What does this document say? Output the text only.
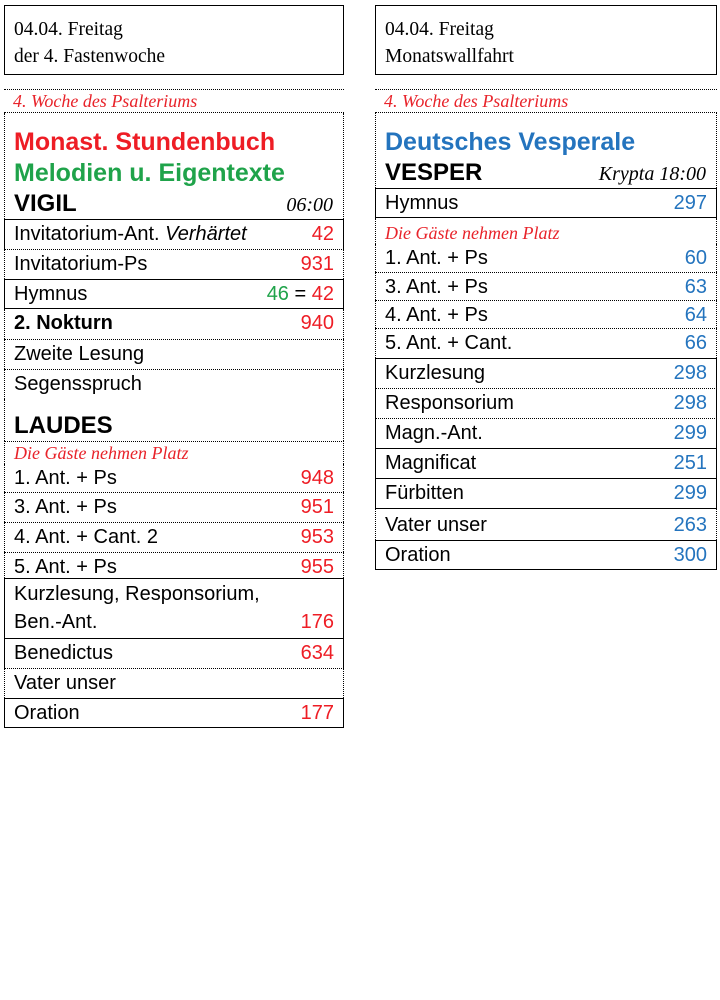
04.04. Freitag
der 4. Fastenwoche
4. Woche des Psalteriums
Monast. Stundenbuch
Melodien u. Eigentexte
VIGIL	06:00
Invitatorium-Ant. Verhärtet	42
Invitatorium-Ps	931
Hymnus	46 = 42
2. Nokturn	940
Zweite Lesung
Segensspruch
LAUDES
Die Gäste nehmen Platz
1. Ant. + Ps	948
3. Ant. + Ps	951
4. Ant. + Cant. 2	953
5. Ant. + Ps	955
Kurzlesung, Responsorium,
Ben.-Ant.	176
Benedictus	634
Vater unser
Oration	177
04.04. Freitag
Monatswallfahrt
4. Woche des Psalteriums
Deutsches Vesperale
VESPER	Krypta 18:00
Hymnus	297
Die Gäste nehmen Platz
1. Ant. + Ps	60
3. Ant. + Ps	63
4. Ant. + Ps	64
5. Ant. + Cant.	66
Kurzlesung	298
Responsorium	298
Magn.-Ant.	299
Magnificat	251
Fürbitten	299
Vater unser	263
Oration	300
